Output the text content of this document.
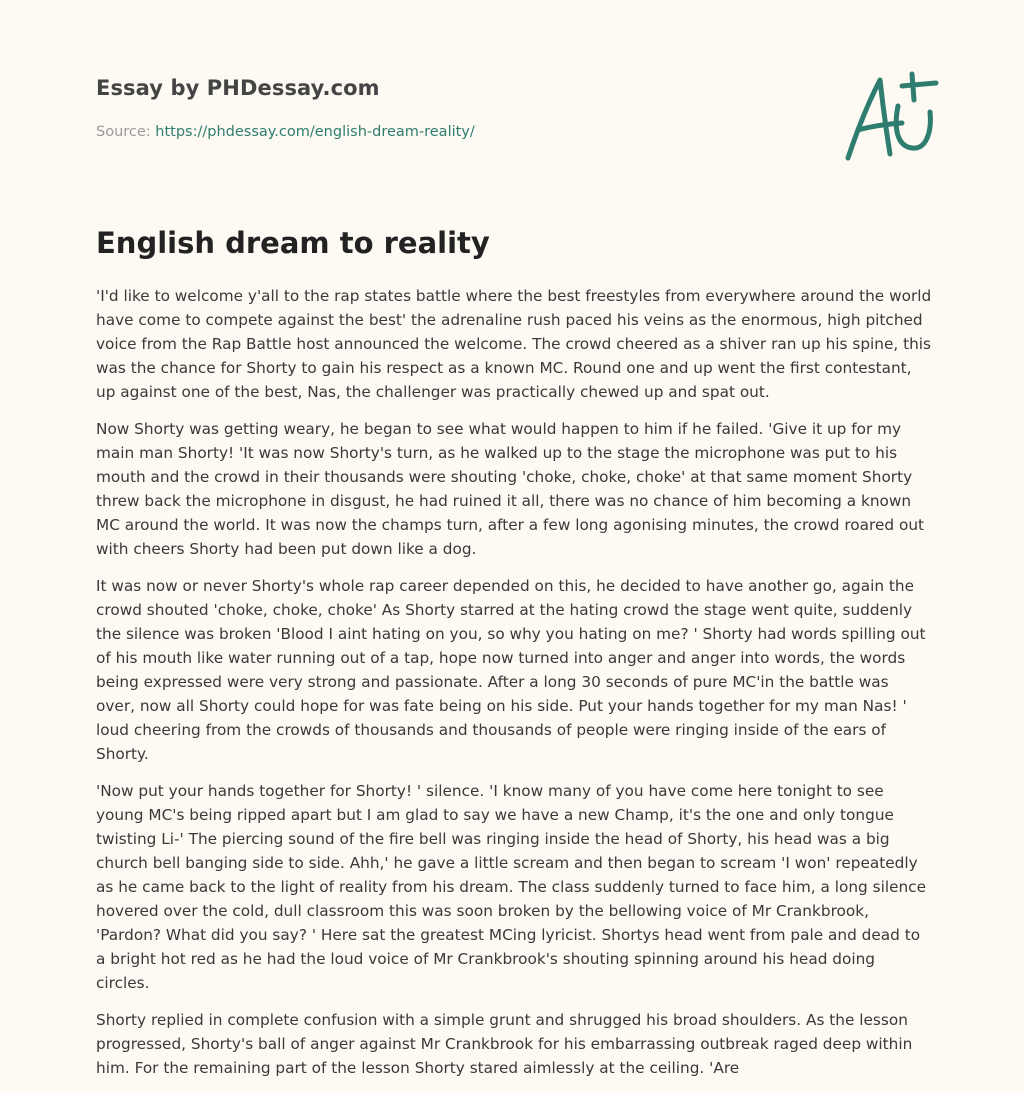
Essay by PHDessay.com
Source: https://phdessay.com/english-dream-reality/
English dream to reality

'I'd like to welcome y'all to the rap states battle where the best freestyles from everywhere around the world have come to compete against the best' the adrenaline rush paced his veins as the enormous, high pitched voice from the Rap Battle host announced the welcome. The crowd cheered as a shiver ran up his spine, this was the chance for Shorty to gain his respect as a known MC. Round one and up went the first contestant, up against one of the best, Nas, the challenger was practically chewed up and spat out.

Now Shorty was getting weary, he began to see what would happen to him if he failed. 'Give it up for my main man Shorty! 'It was now Shorty's turn, as he walked up to the stage the microphone was put to his mouth and the crowd in their thousands were shouting 'choke, choke, choke' at that same moment Shorty threw back the microphone in disgust, he had ruined it all, there was no chance of him becoming a known MC around the world. It was now the champs turn, after a few long agonising minutes, the crowd roared out with cheers Shorty had been put down like a dog.

It was now or never Shorty's whole rap career depended on this, he decided to have another go, again the crowd shouted 'choke, choke, choke' As Shorty starred at the hating crowd the stage went quite, suddenly the silence was broken 'Blood I aint hating on you, so why you hating on me? ' Shorty had words spilling out of his mouth like water running out of a tap, hope now turned into anger and anger into words, the words being expressed were very strong and passionate. After a long 30 seconds of pure MC'in the battle was over, now all Shorty could hope for was fate being on his side. Put your hands together for my man Nas! ' loud cheering from the crowds of thousands and thousands of people were ringing inside of the ears of Shorty.

'Now put your hands together for Shorty! ' silence. 'I know many of you have come here tonight to see young MC's being ripped apart but I am glad to say we have a new Champ, it's the one and only tongue twisting Li-' The piercing sound of the fire bell was ringing inside the head of Shorty, his head was a big church bell banging side to side. Ahh,' he gave a little scream and then began to scream 'I won' repeatedly as he came back to the light of reality from his dream. The class suddenly turned to face him, a long silence hovered over the cold, dull classroom this was soon broken by the bellowing voice of Mr Crankbrook, 'Pardon? What did you say? ' Here sat the greatest MCing lyricist. Shortys head went from pale and dead to a bright hot red as he had the loud voice of Mr Crankbrook's shouting spinning around his head doing circles.

Shorty replied in complete confusion with a simple grunt and shrugged his broad shoulders. As the lesson progressed, Shorty's ball of anger against Mr Crankbrook for his embarrassing outbreak raged deep within him. For the remaining part of the lesson Shorty stared aimlessly at the ceiling. 'Are
